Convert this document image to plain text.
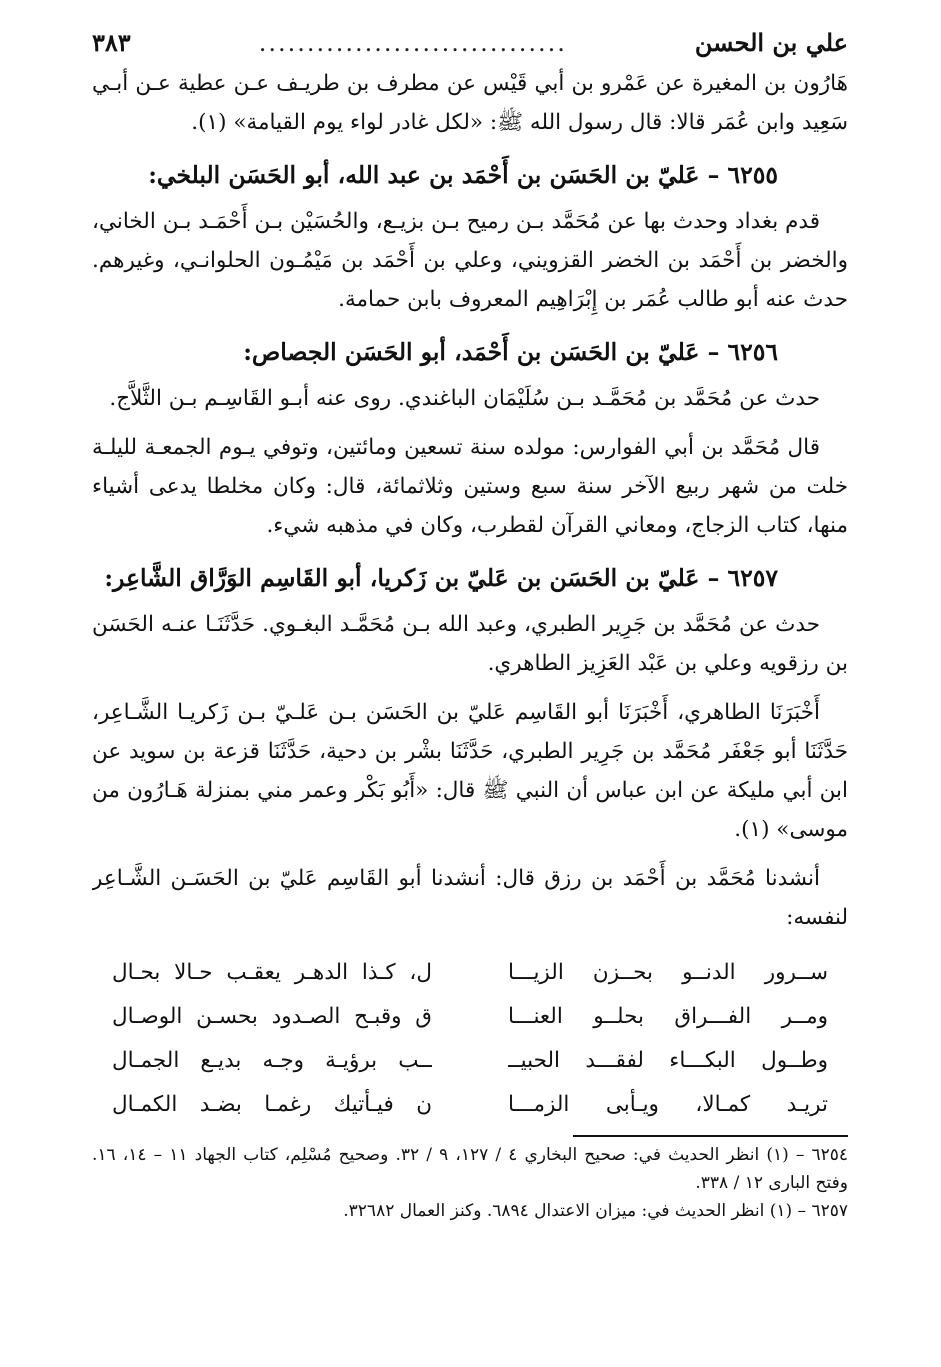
علي بن الحسن
................................
٣٨٣

هَارُون بن المغيرة عن عَمْرو بن أبي قَيْس عن مطرف بن طريـف عـن عطية عـن أبـي سَعِيد وابن عُمَر قالا: قال رسول الله ﷺ: «لكل غادر لواء يوم القيامة» (١).

٦٢٥٥ – عَليّ بن الحَسَن بن أَحْمَد بن عبد الله، أبو الحَسَن البلخي:

قدم بغداد وحدث بها عن مُحَمَّد بـن رميح بـن بزيـع، والحُسَيْن بـن أَحْمَـد بـن الخاني، والخضر بن أَحْمَد بن الخضر القزويني، وعلي بن أَحْمَد بن مَيْمُـون الحلوانـي، وغيرهم. حدث عنه أبو طالب عُمَر بن إِبْرَاهِيم المعروف بابن حمامة.

٦٢٥٦ – عَليّ بن الحَسَن بن أَحْمَد، أبو الحَسَن الجصاص:

حدث عن مُحَمَّد بن مُحَمَّـد بـن سُلَيْمَان الباغندي. روى عنه أبـو القَاسِـم بـن الثَّلاَّج.

قال مُحَمَّد بن أبي الفوارس: مولده سنة تسعين ومائتين، وتوفي يـوم الجمعـة لليلـة خلت من شهر ربيع الآخر سنة سبع وستين وثلاثمائة، قال: وكان مخلطا يدعى أشياء منها، كتاب الزجاج، ومعاني القرآن لقطرب، وكان في مذهبه شيء.

٦٢٥٧ – عَليّ بن الحَسَن بن عَليّ بن زَكريا، أبو القَاسِم الوَرَّاق الشَّاعِر:

حدث عن مُحَمَّد بن جَرِير الطبري، وعبد الله بـن مُحَمَّـد البغـوي. حَدَّثَنَـا عنـه الحَسَن بن رزقويه وعلي بن عَبْد العَزِيز الطاهري.

أَخْبَرَنَا الطاهري، أَخْبَرَنَا أبو القَاسِم عَليّ بن الحَسَن بـن عَلـيّ بـن زَكريـا الشَّـاعِر، حَدَّثَنَا أبو جَعْفَر مُحَمَّد بن جَرِير الطبري، حَدَّثَنَا بشْر بن دحية، حَدَّثَنَا قزعة بن سويد عن ابن أبي مليكة عن ابن عباس أن النبي ﷺ قال: «أَبُو بَكْر وعمر مني بمنزلة هَـارُون من موسى» (١).

أنشدنا مُحَمَّد بن أَحْمَد بن رزق قال: أنشدنا أبو القَاسِم عَليّ بن الحَسَـن الشَّـاعِر لنفسه:

ســرور الدنــو بحــزن الزيـــا
ل، كـذا الدهـر يعقـب حـالا بحـال
ومــر الفـــراق بحلــو العنـــا
ق وقبـح الصـدود بحسـن الوصـال
وطــول البكـــاء لفقـــد الحبيــ
ــب برؤيـة وجـه بديـع الجمـال
تريـد كمـالا، ويـأبى الزمـــا
ن فيـأتيك رغمـا بضـد الكمـال

٦٢٥٤ – (١) انظر الحديث في: صحيح البخاري ٤ / ١٢٧، ٩ / ٣٢. وصحيح مُسْلِم، كتاب الجهاد ١١ – ١٤، ١٦. وفتح البارى ١٢ / ٣٣٨.

٦٢٥٧ – (١) انظر الحديث في: ميزان الاعتدال ٦٨٩٤. وكنز العمال ٣٢٦٨٢.
